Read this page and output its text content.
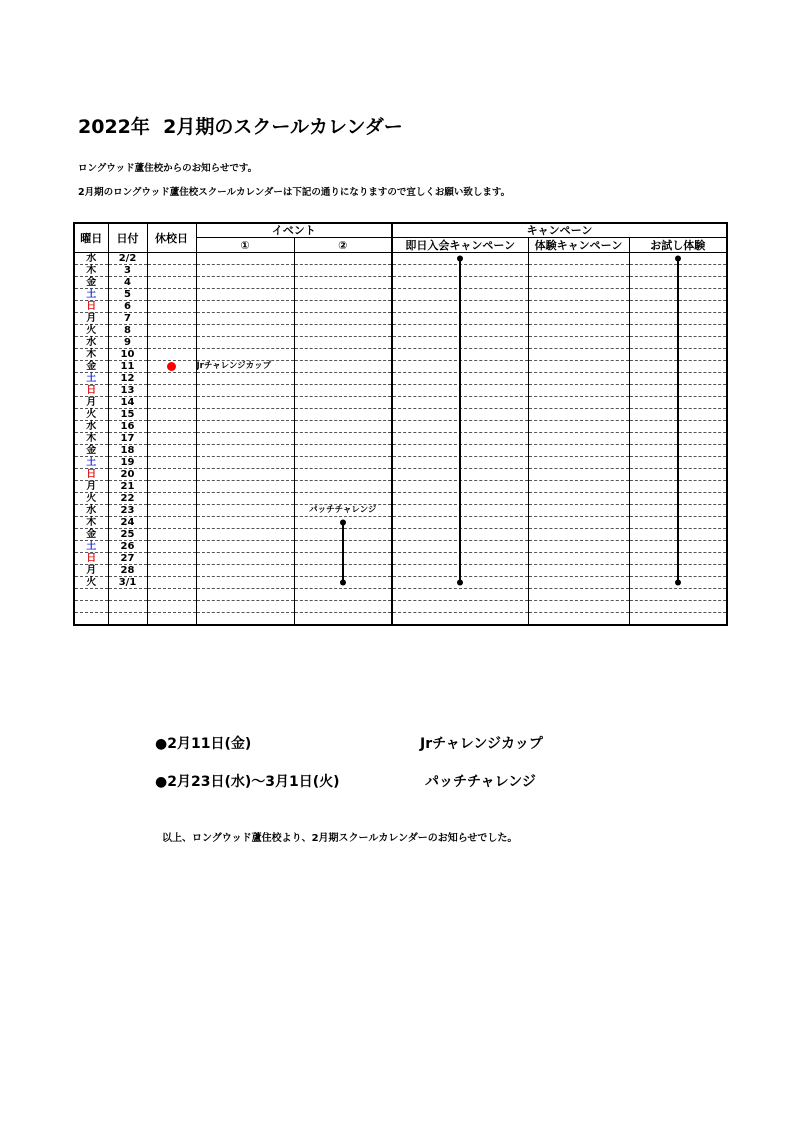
2022年  2月期のスクールカレンダー
ロングウッド蘆住校からのお知らせです。
2月期のロングウッド蘆住校スクールカレンダーは下記の通りになりますので宜しくお願い致します。
曜日	日付	休校日	イベント		キャンペーン		
			①	②	即日入会キャンペーン	体験キャンペーン	お試し体験
水	2/2						
木	3						
金	4						
土	5						
日	6						
月	7						
火	8						
水	9						
木	10						
金	11		Jrチャレンジカップ				
土	12						
日	13						
月	14						
火	15						
水	16						
木	17						
金	18						
土	19						
日	20						
月	21						
火	22						
水	23			パッチチャレンジ			
木	24						
金	25						
土	26						
日	27						
月	28						
火	3/1						

●2月11日(金)	Jrチャレンジカップ
●2月23日(水)～3月1日(火)	パッチチャレンジ
以上、ロングウッド蘆住校より、2月期スクールカレンダーのお知らせでした。
